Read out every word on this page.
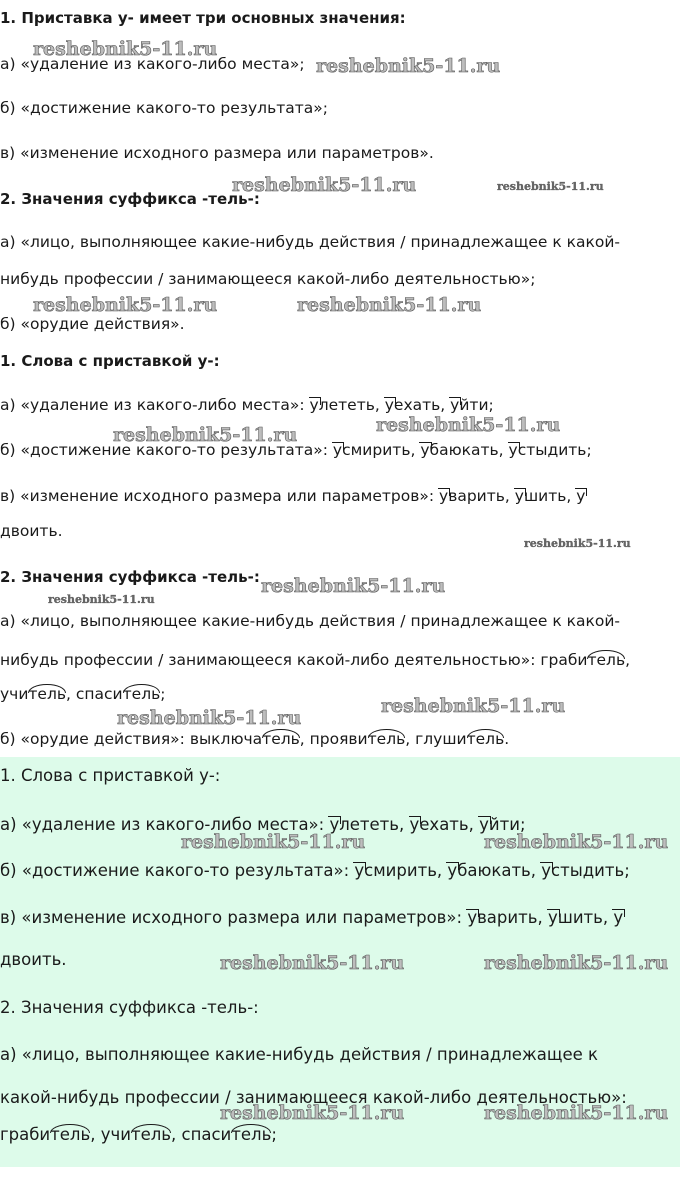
1. Приставка у- имеет три основных значения:
а) «удаление из какого-либо места»;
б) «достижение какого-то результата»;
в) «изменение исходного размера или параметров».
2. Значения суффикса -тель-:
а) «лицо, выполняющее какие-нибудь действия / принадлежащее к какой-
нибудь профессии / занимающееся какой-либо деятельностью»;
б) «орудие действия».
1. Слова с приставкой у-:
а) «удаление из какого-либо места»: улететь, уехать, уйти;
б) «достижение какого-то результата»: усмирить, убаюкать, устыдить;
в) «изменение исходного размера или параметров»: уварить, ушить, у
двоить.
2. Значения суффикса -тель-:
а) «лицо, выполняющее какие-нибудь действия / принадлежащее к какой-
нибудь профессии / занимающееся какой-либо деятельностью»: грабитель,
учитель, спаситель;
б) «орудие действия»: выключатель, проявитель, глушитель.
1. Слова с приставкой у-:
а) «удаление из какого-либо места»: улететь, уехать, уйти;
б) «достижение какого-то результата»: усмирить, убаюкать, устыдить;
в) «изменение исходного размера или параметров»: уварить, ушить, у
двоить.
2. Значения суффикса -тель-:
а) «лицо, выполняющее какие-нибудь действия / принадлежащее к
какой-нибудь профессии / занимающееся какой-либо деятельностью»:
грабитель, учитель, спаситель;
reshebnik5-11.ru
reshebnik5-11.ru
reshebnik5-11.ru	reshebnik5-11.ru
reshebnik5-11.ru	reshebnik5-11.ru
reshebnik5-11.ru
reshebnik5-11.ru
reshebnik5-11.ru
reshebnik5-11.ru
reshebnik5-11.ru
reshebnik5-11.ru
reshebnik5-11.ru
reshebnik5-11.ru	reshebnik5-11.ru
reshebnik5-11.ru	reshebnik5-11.ru
reshebnik5-11.ru	reshebnik5-11.ru
